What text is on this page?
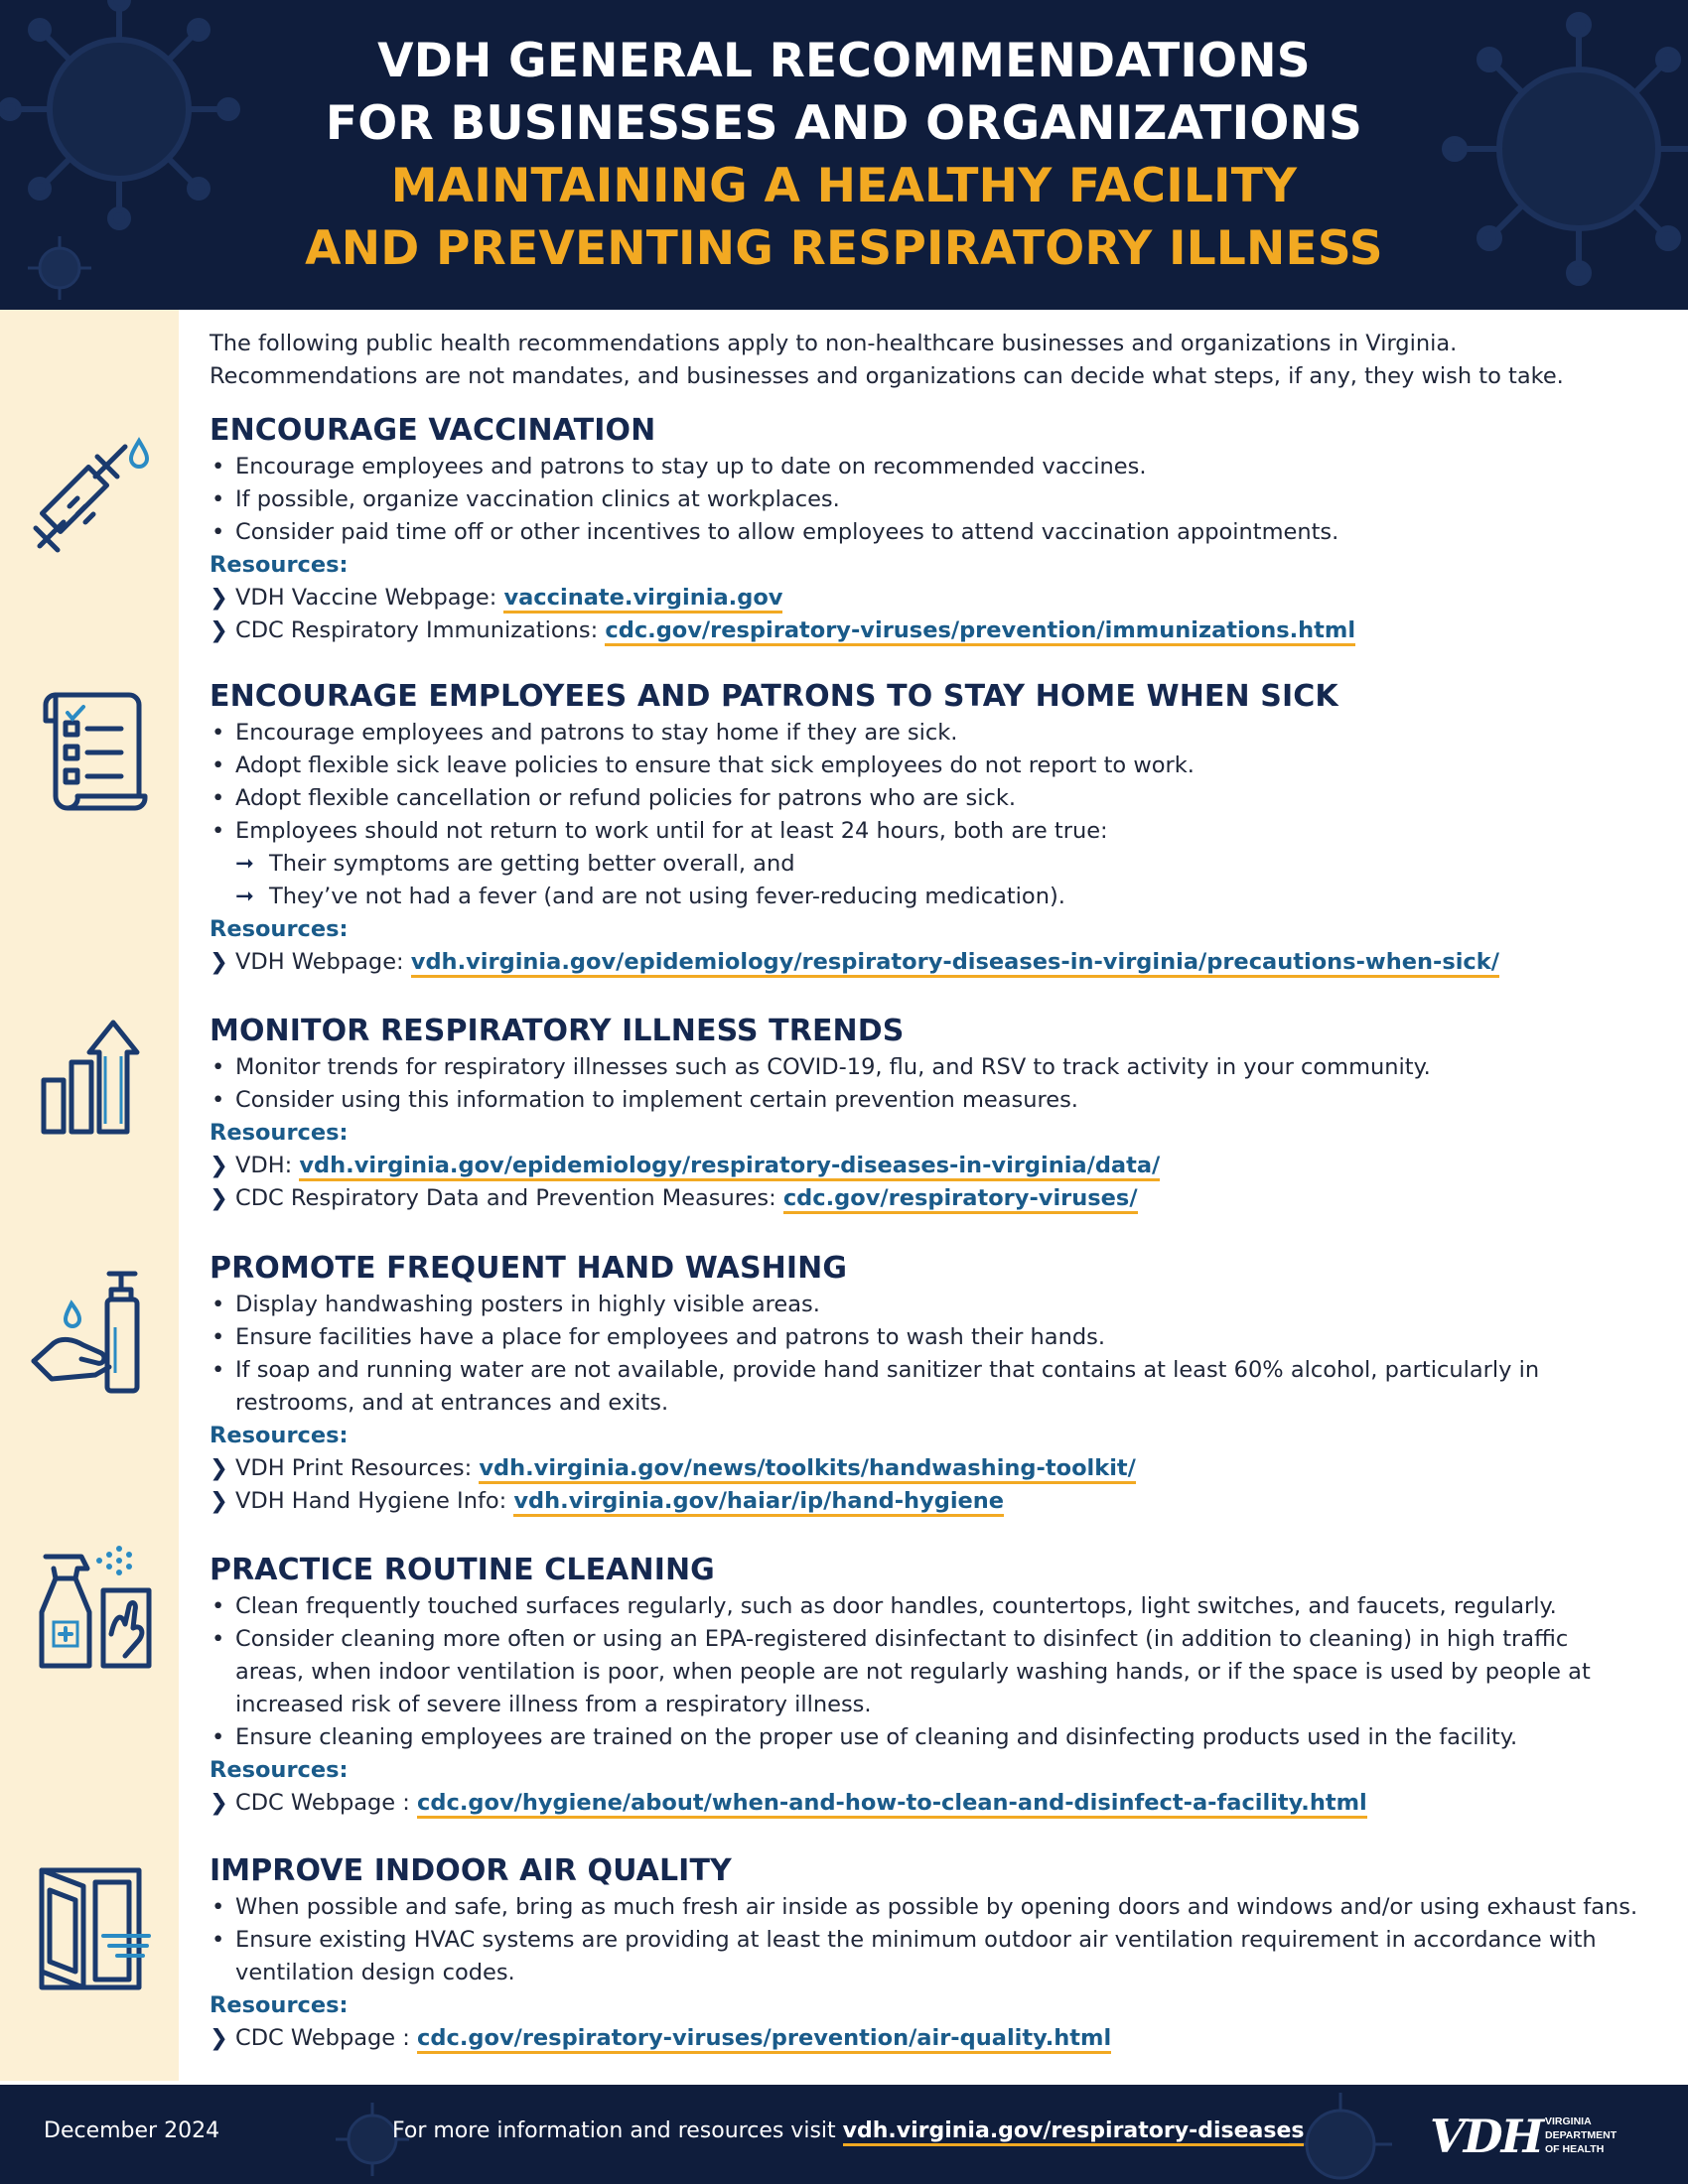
VDH GENERAL RECOMMENDATIONS
FOR BUSINESSES AND ORGANIZATIONS
MAINTAINING A HEALTHY FACILITY
AND PREVENTING RESPIRATORY ILLNESS
The following public health recommendations apply to non-healthcare businesses and organizations in Virginia.
Recommendations are not mandates, and businesses and organizations can decide what steps, if any, they wish to take.
ENCOURAGE VACCINATION
• Encourage employees and patrons to stay up to date on recommended vaccines.
• If possible, organize vaccination clinics at workplaces.
• Consider paid time off or other incentives to allow employees to attend vaccination appointments.
Resources:
❯ VDH Vaccine Webpage: vaccinate.virginia.gov
❯ CDC Respiratory Immunizations: cdc.gov/respiratory-viruses/prevention/immunizations.html
ENCOURAGE EMPLOYEES AND PATRONS TO STAY HOME WHEN SICK
• Encourage employees and patrons to stay home if they are sick.
• Adopt flexible sick leave policies to ensure that sick employees do not report to work.
• Adopt flexible cancellation or refund policies for patrons who are sick.
• Employees should not return to work until for at least 24 hours, both are true:
➞ Their symptoms are getting better overall, and
➞ They’ve not had a fever (and are not using fever-reducing medication).
Resources:
❯ VDH Webpage: vdh.virginia.gov/epidemiology/respiratory-diseases-in-virginia/precautions-when-sick/
MONITOR RESPIRATORY ILLNESS TRENDS
• Monitor trends for respiratory illnesses such as COVID-19, flu, and RSV to track activity in your community.
• Consider using this information to implement certain prevention measures.
Resources:
❯ VDH: vdh.virginia.gov/epidemiology/respiratory-diseases-in-virginia/data/
❯ CDC Respiratory Data and Prevention Measures: cdc.gov/respiratory-viruses/
PROMOTE FREQUENT HAND WASHING
• Display handwashing posters in highly visible areas.
• Ensure facilities have a place for employees and patrons to wash their hands.
• If soap and running water are not available, provide hand sanitizer that contains at least 60% alcohol, particularly in restrooms, and at entrances and exits.
Resources:
❯ VDH Print Resources: vdh.virginia.gov/news/toolkits/handwashing-toolkit/
❯ VDH Hand Hygiene Info: vdh.virginia.gov/haiar/ip/hand-hygiene
PRACTICE ROUTINE CLEANING
• Clean frequently touched surfaces regularly, such as door handles, countertops, light switches, and faucets, regularly.
• Consider cleaning more often or using an EPA-registered disinfectant to disinfect (in addition to cleaning) in high traffic areas, when indoor ventilation is poor, when people are not regularly washing hands, or if the space is used by people at increased risk of severe illness from a respiratory illness.
• Ensure cleaning employees are trained on the proper use of cleaning and disinfecting products used in the facility.
Resources:
❯ CDC Webpage : cdc.gov/hygiene/about/when-and-how-to-clean-and-disinfect-a-facility.html
IMPROVE INDOOR AIR QUALITY
• When possible and safe, bring as much fresh air inside as possible by opening doors and windows and/or using exhaust fans.
• Ensure existing HVAC systems are providing at least the minimum outdoor air ventilation requirement in accordance with ventilation design codes.
Resources:
❯ CDC Webpage : cdc.gov/respiratory-viruses/prevention/air-quality.html
December 2024	For more information and resources visit vdh.virginia.gov/respiratory-diseases	VDH VIRGINIA
DEPARTMENT
OF HEALTH
